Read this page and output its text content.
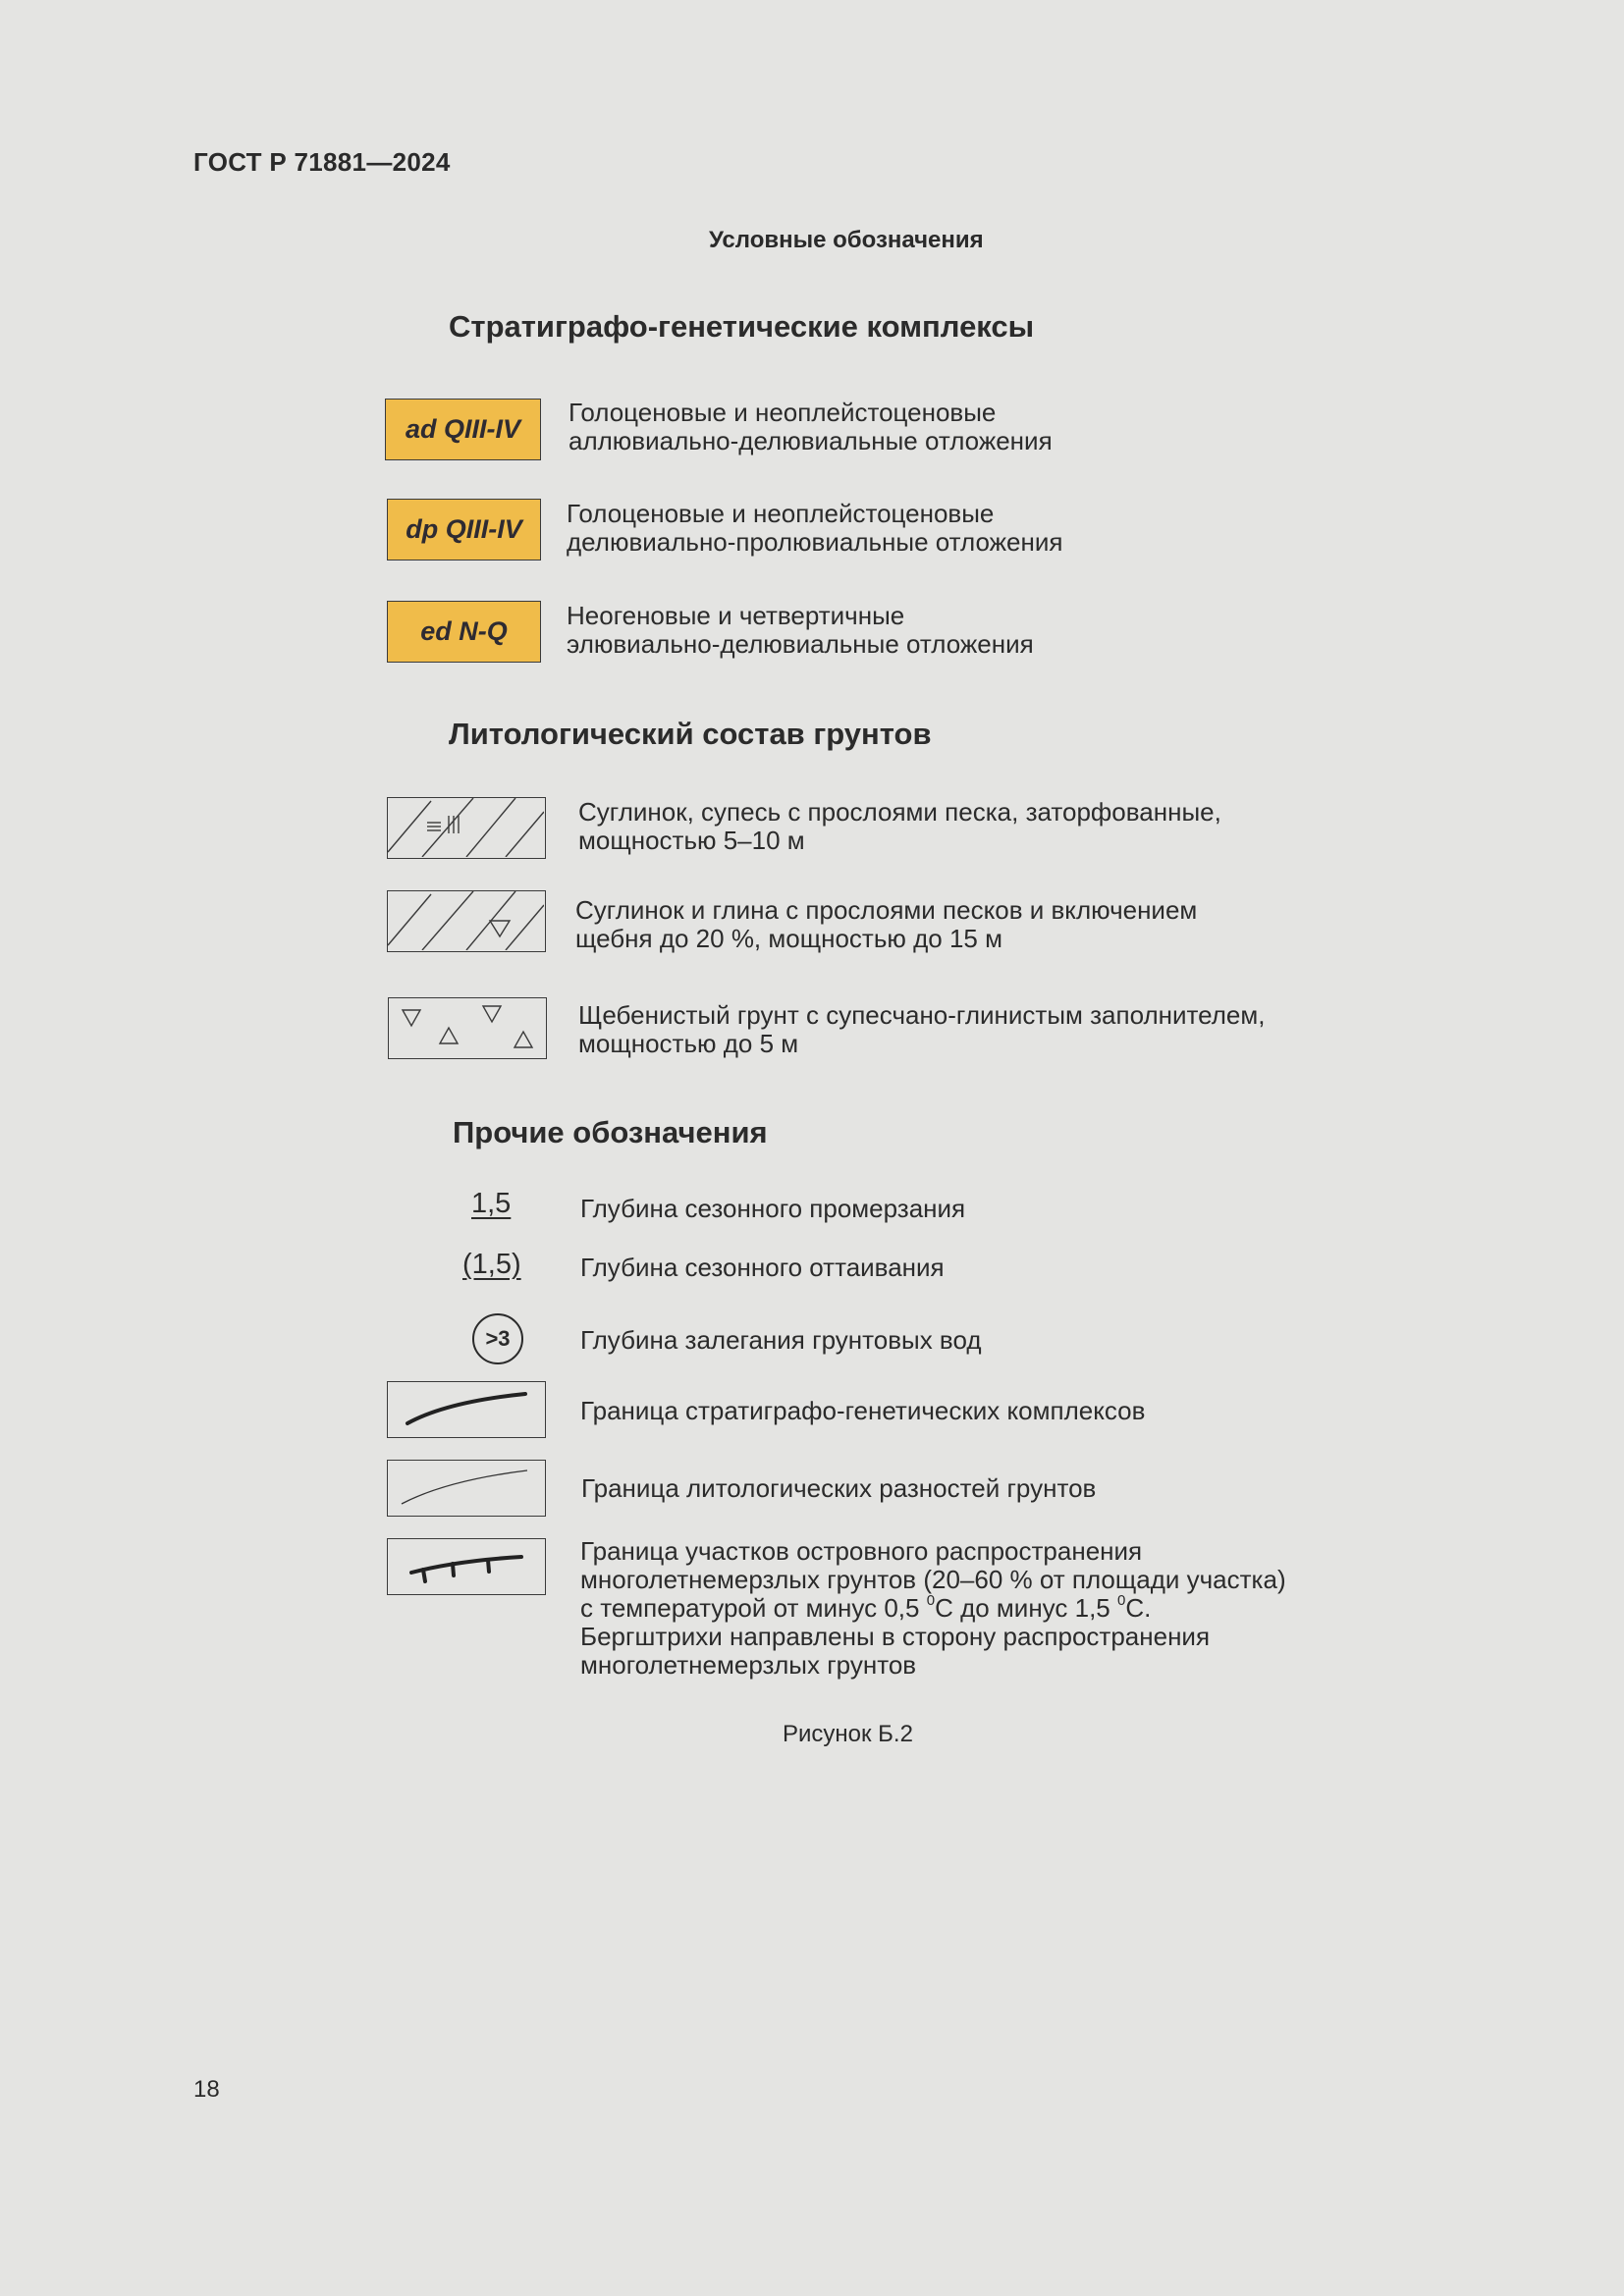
ГОСТ Р 71881—2024
Условные обозначения
Стратиграфо-генетические комплексы
ad QIII-IV
Голоценовые и неоплейстоценовые
аллювиально-делювиальные отложения
dp QIII-IV
Голоценовые и неоплейстоценовые
делювиально-пролювиальные отложения
ed N-Q
Неогеновые и четвертичные
элювиально-делювиальные отложения
Литологический состав грунтов
Суглинок, супесь с прослоями песка, заторфованные,
мощностью 5–10 м
Суглинок и глина с прослоями песков и включением
щебня до 20 %, мощностью до 15 м
Щебенистый грунт с супесчано-глинистым заполнителем,
мощностью до 5 м
Прочие обозначения
1,5	Глубина сезонного промерзания
(1,5) Глубина сезонного оттаивания
>3	Глубина залегания грунтовых вод
Граница стратиграфо-генетических комплексов
Граница литологических разностей грунтов
Граница участков островного распространения
многолетнемерзлых грунтов (20–60 % от площади участка)
с температурой от минус 0,5 $^0$С до минус 1,5 $^0$С.
Бергштрихи направлены в сторону распространения
многолетнемерзлых грунтов
Рисунок Б.2
18
